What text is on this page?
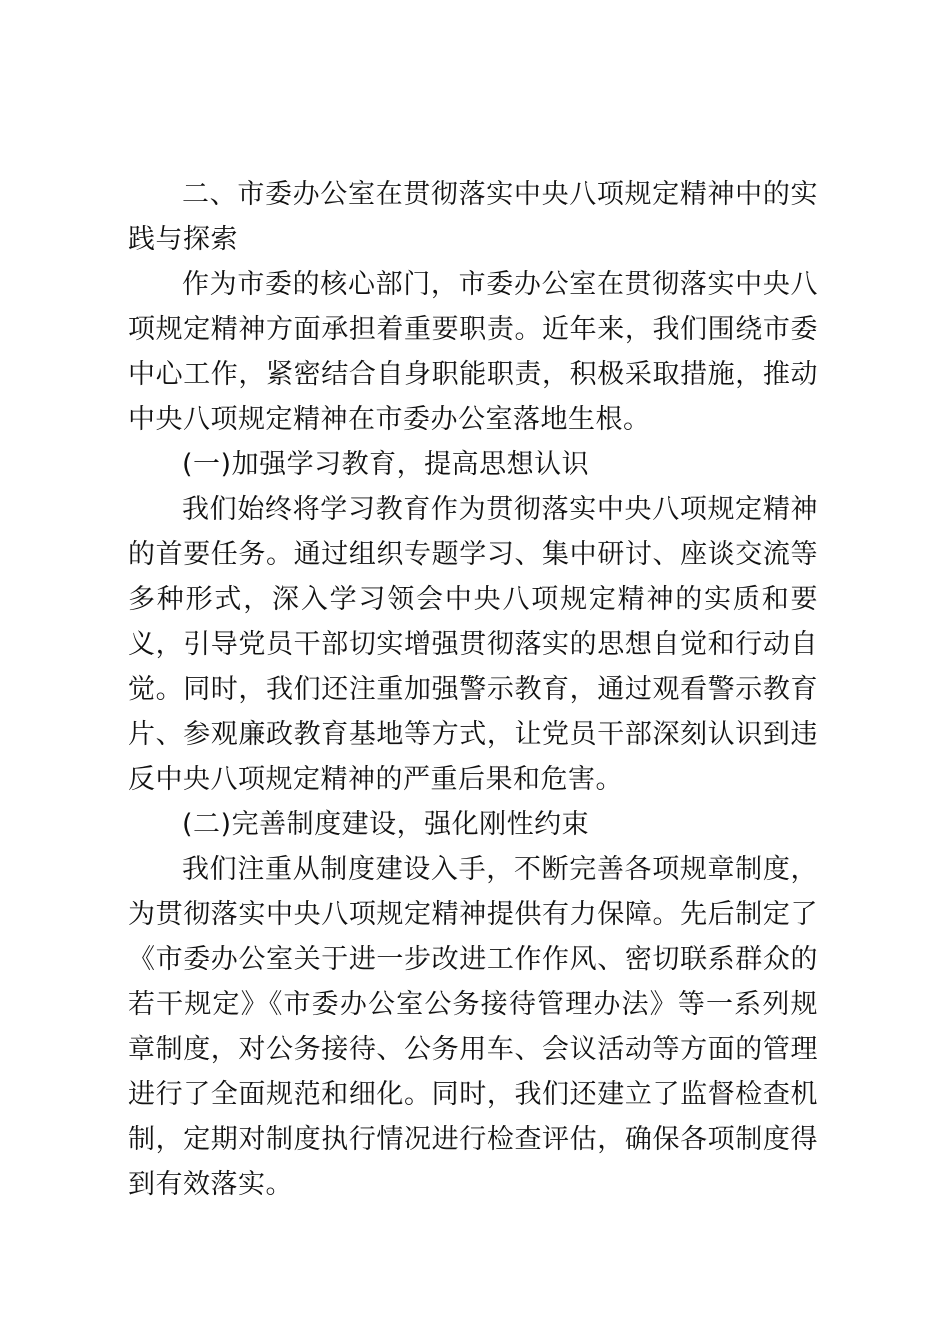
二、市委办公室在贯彻落实中央八项规定精神中的实践与探索

作为市委的核心部门，市委办公室在贯彻落实中央八项规定精神方面承担着重要职责。近年来，我们围绕市委中心工作，紧密结合自身职能职责，积极采取措施，推动中央八项规定精神在市委办公室落地生根。

(一)加强学习教育，提高思想认识

我们始终将学习教育作为贯彻落实中央八项规定精神的首要任务。通过组织专题学习、集中研讨、座谈交流等多种形式，深入学习领会中央八项规定精神的实质和要义，引导党员干部切实增强贯彻落实的思想自觉和行动自觉。同时，我们还注重加强警示教育，通过观看警示教育片、参观廉政教育基地等方式，让党员干部深刻认识到违反中央八项规定精神的严重后果和危害。

(二)完善制度建设，强化刚性约束

我们注重从制度建设入手，不断完善各项规章制度，为贯彻落实中央八项规定精神提供有力保障。先后制定了《市委办公室关于进一步改进工作作风、密切联系群众的若干规定》《市委办公室公务接待管理办法》等一系列规章制度，对公务接待、公务用车、会议活动等方面的管理进行了全面规范和细化。同时，我们还建立了监督检查机制，定期对制度执行情况进行检查评估，确保各项制度得到有效落实。
